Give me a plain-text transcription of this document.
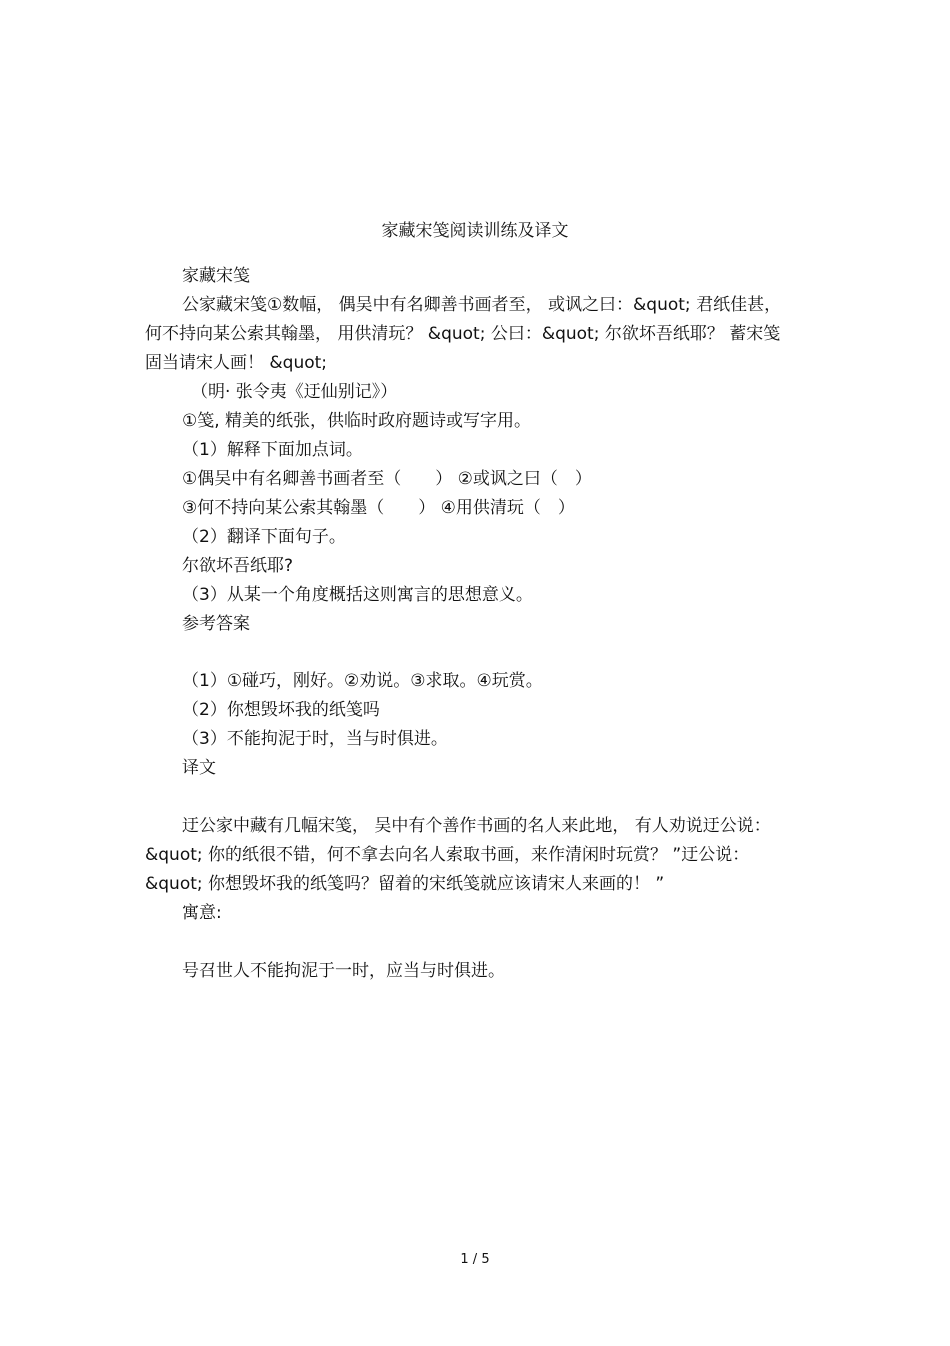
家藏宋笺阅读训练及译文
家藏宋笺
公家藏宋笺①数幅， 偶吴中有名卿善书画者至， 或讽之曰：&quot; 君纸佳甚，
何不持向某公索其翰墨， 用供清玩？ &quot; 公曰：&quot; 尔欲坏吾纸耶？ 蓄宋笺
固当请宋人画！ &quot;
（明· 张令夷《迂仙别记》）
①笺, 精美的纸张，供临时政府题诗或写字用。
（1）解释下面加点词。
①偶吴中有名卿善书画者至（　　） ②或讽之曰（　）
③何不持向某公索其翰墨（　　） ④用供清玩（　）
（2）翻译下面句子。
尔欲坏吾纸耶?
（3）从某一个角度概括这则寓言的思想意义。
参考答案
（1）①碰巧，刚好。②劝说。③求取。④玩赏。
（2）你想毁坏我的纸笺吗
（3）不能拘泥于时，当与时俱进。
译文
迂公家中藏有几幅宋笺， 吴中有个善作书画的名人来此地， 有人劝说迂公说：
&quot; 你的纸很不错，何不拿去向名人索取书画，来作清闲时玩赏？ ”迂公说：
&quot; 你想毁坏我的纸笺吗？留着的宋纸笺就应该请宋人来画的！ ”
寓意:
号召世人不能拘泥于一时，应当与时俱进。
1 / 5
